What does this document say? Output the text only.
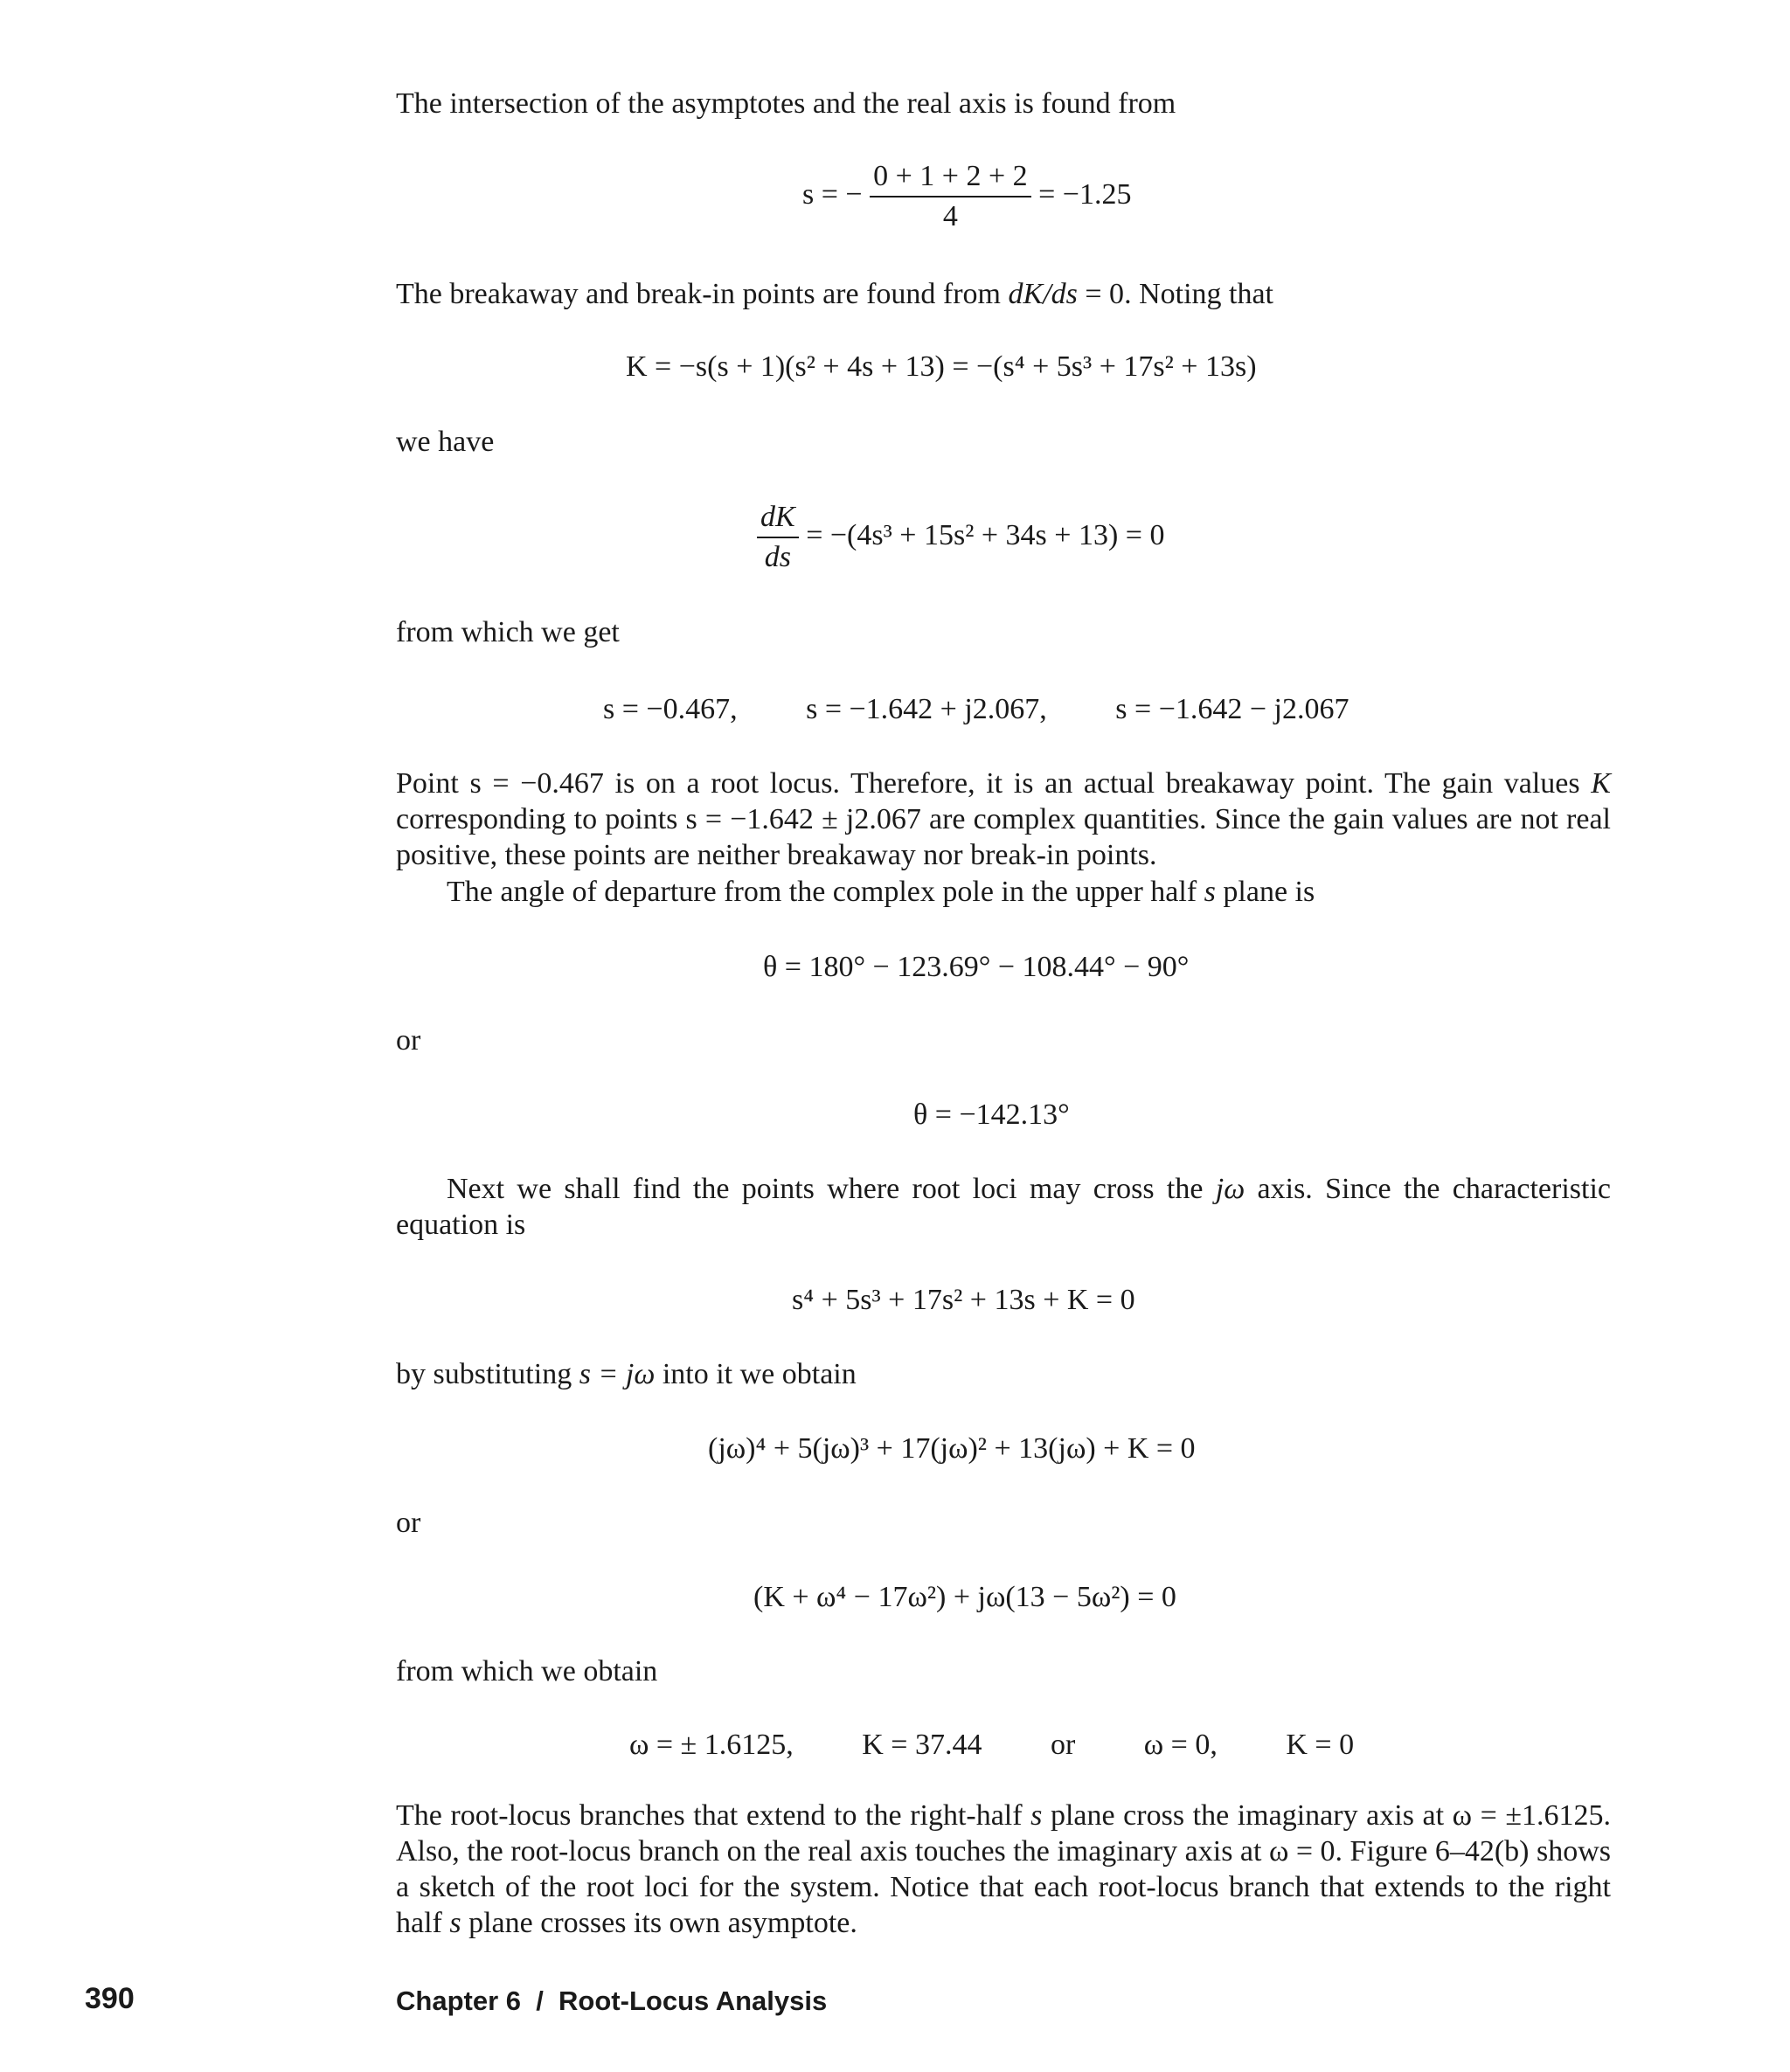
The intersection of the asymptotes and the real axis is found from

s = − $\frac{0 + 1 + 2 + 2}{4} = -1.25$

The breakaway and break-in points are found from dK/ds = 0. Noting that

K = −s(s + 1)(s² + 4s + 13) = −(s⁴ + 5s³ + 17s² + 13s)

we have

$\frac{dK}{ds} = -(4s^3 + 15s^2 + 34s + 13) = 0$

from which we get

s = −0.467, s = −1.642 + j2.067, s = −1.642 − j2.067

Point s = −0.467 is on a root locus. Therefore, it is an actual breakaway point. The gain values K corresponding to points s = −1.642 ± j2.067 are complex quantities. Since the gain values are not real positive, these points are neither breakaway nor break-in points.

The angle of departure from the complex pole in the upper half s plane is

θ = 180° − 123.69° − 108.44° − 90°

or

θ = −142.13°

Next we shall find the points where root loci may cross the jω axis. Since the characteristic equation is

s⁴ + 5s³ + 17s² + 13s + K = 0

by substituting s = jω into it we obtain

(jω)⁴ + 5(jω)³ + 17(jω)² + 13(jω) + K = 0

or

(K + ω⁴ − 17ω²) + jω(13 − 5ω²) = 0

from which we obtain

ω = ± 1.6125, K = 37.44 or ω = 0, K = 0

The root-locus branches that extend to the right-half s plane cross the imaginary axis at ω = ±1.6125. Also, the root-locus branch on the real axis touches the imaginary axis at ω = 0. Figure 6–42(b) shows a sketch of the root loci for the system. Notice that each root-locus branch that extends to the right half s plane crosses its own asymptote.

390	Chapter 6  /  Root-Locus Analysis
